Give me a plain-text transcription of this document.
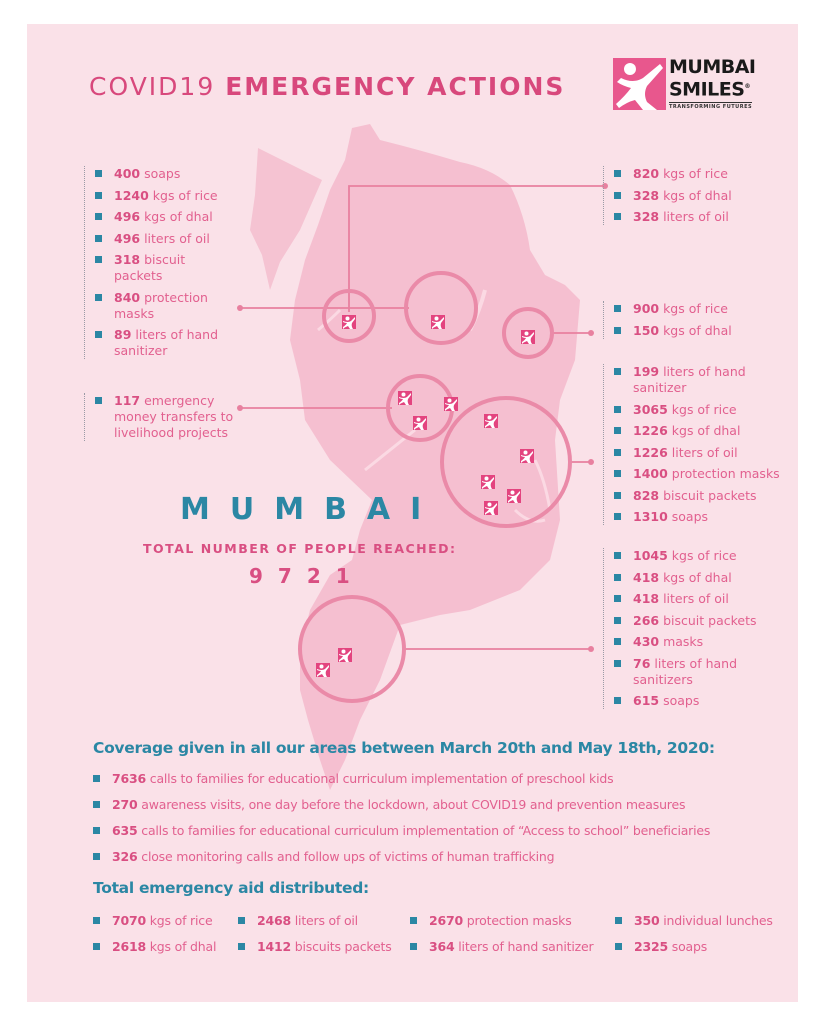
COVID19 EMERGENCY ACTIONS
MUMBAI
SMILES®
TRANSFORMING FUTURES
400 soaps
1240 kgs of rice
496 kgs of dhal
496 liters of oil
318 biscuit packets
840 protection masks
89 liters of hand sanitizer
117 emergency money transfers to livelihood projects
820 kgs of rice
328 kgs of dhal
328 liters of oil
900 kgs of rice
150 kgs of dhal
199 liters of hand sanitizer
3065 kgs of rice
1226 kgs of dhal
1226 liters of oil
1400 protection masks
828 biscuit packets
1310 soaps
1045 kgs of rice
418 kgs of dhal
418 liters of oil
266 biscuit packets
430 masks
76 liters of hand sanitizers
615 soaps
MUMBAI
TOTAL NUMBER OF PEOPLE REACHED:
9721
Coverage given in all our areas between March 20th and May 18th, 2020:
7636 calls to families for educational curriculum implementation of preschool kids
270 awareness visits, one day before the lockdown, about COVID19 and prevention measures
635 calls to families for educational curriculum implementation of “Access to school” beneficiaries
326 close monitoring calls and follow ups of victims of human trafficking
Total emergency aid distributed:
7070 kgs of rice	2468 liters of oil	2670 protection masks	350 individual lunches
2618 kgs of dhal	1412 biscuits packets	364 liters of hand sanitizer	2325 soaps
